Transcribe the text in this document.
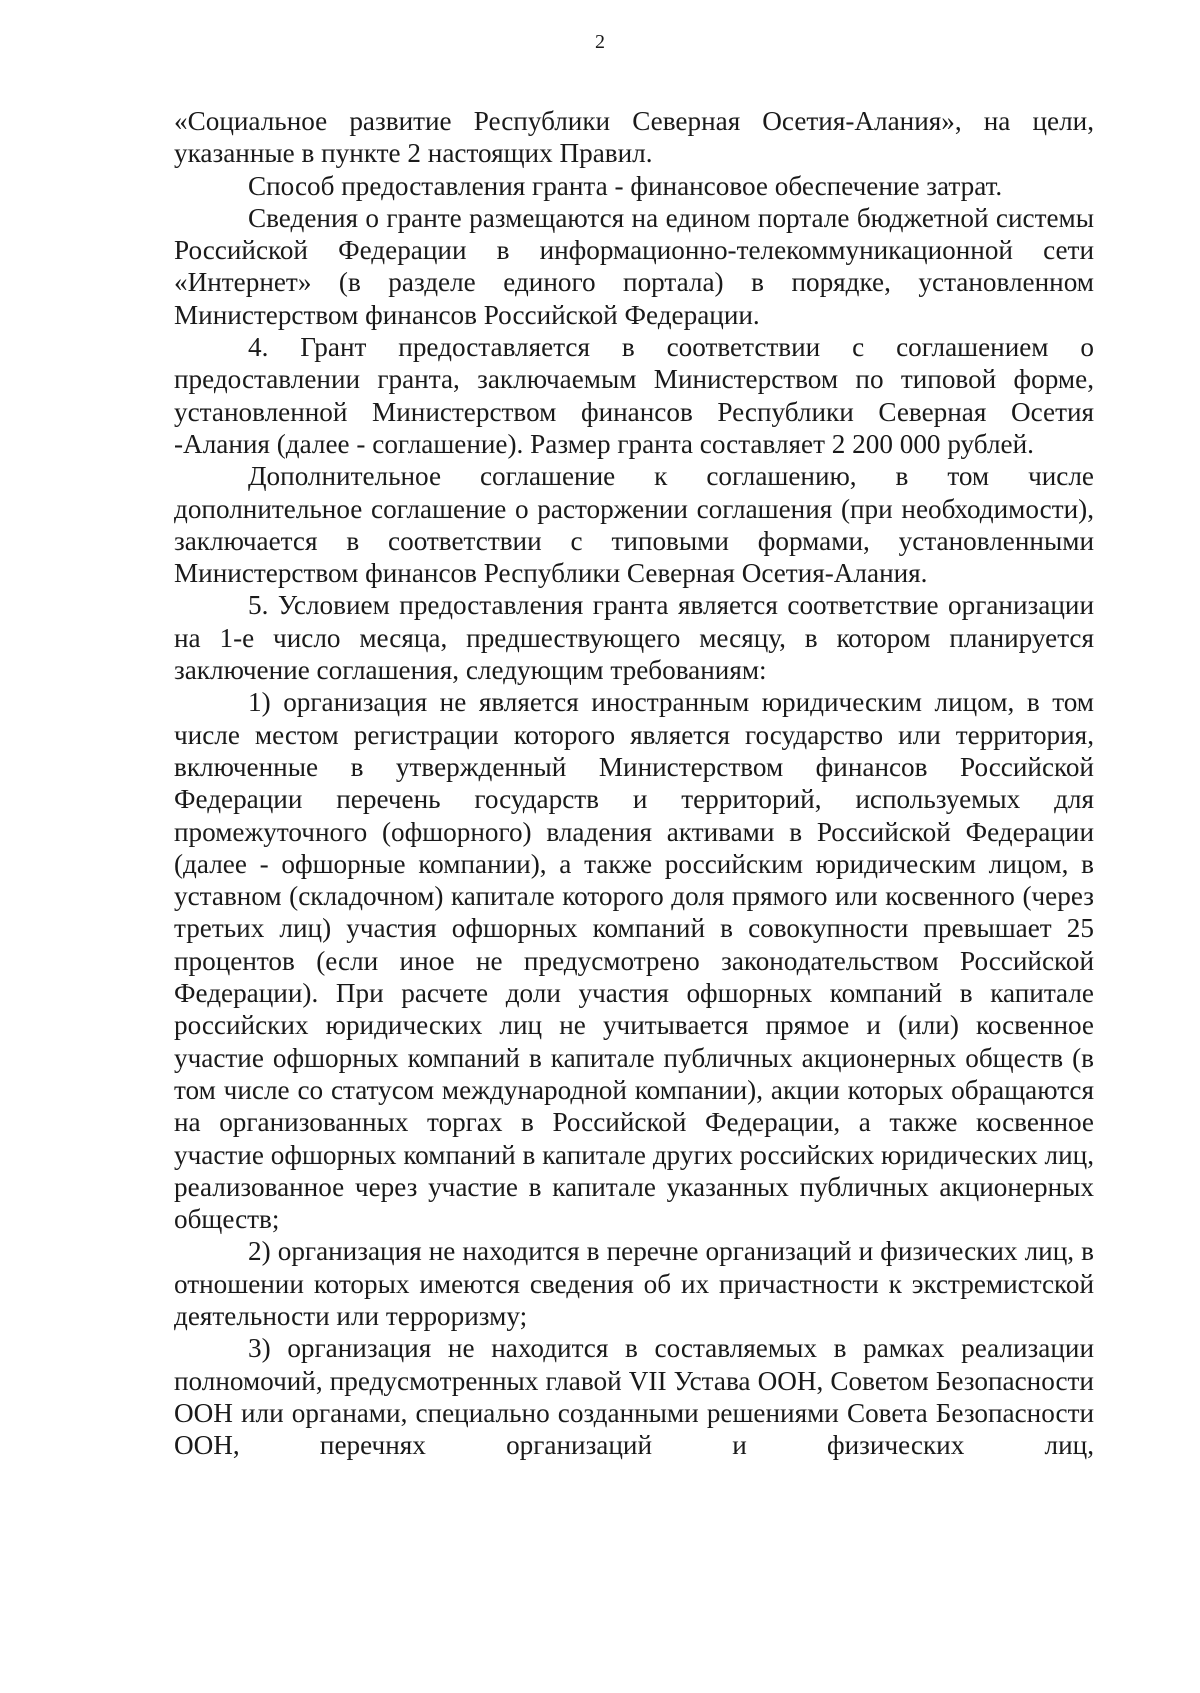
2

«Социальное развитие Республики Северная Осетия-Алания», на цели, указанные в пункте 2 настоящих Правил.

Способ предоставления гранта - финансовое обеспечение затрат.

Сведения о гранте размещаются на едином портале бюджетной системы Российской Федерации в информационно-телекоммуникационной сети «Интернет» (в разделе единого портала) в порядке, установленном Министерством финансов Российской Федерации.

4. Грант предоставляется в соответствии с соглашением о предоставлении гранта, заключаемым Министерством по типовой форме, установленной Министерством финансов Республики Северная Осетия -Алания (далее - соглашение). Размер гранта составляет 2 200 000 рублей.

Дополнительное соглашение к соглашению, в том числе дополнительное соглашение о расторжении соглашения (при необходимости), заключается в соответствии с типовыми формами, установленными Министерством финансов Республики Северная Осетия-Алания.

5. Условием предоставления гранта является соответствие организации на 1-е число месяца, предшествующего месяцу, в котором планируется заключение соглашения, следующим требованиям:

1) организация не является иностранным юридическим лицом, в том числе местом регистрации которого является государство или территория, включенные в утвержденный Министерством финансов Российской Федерации перечень государств и территорий, используемых для промежуточного (офшорного) владения активами в Российской Федерации (далее - офшорные компании), а также российским юридическим лицом, в уставном (складочном) капитале которого доля прямого или косвенного (через третьих лиц) участия офшорных компаний в совокупности превышает 25 процентов (если иное не предусмотрено законодательством Российской Федерации). При расчете доли участия офшорных компаний в капитале российских юридических лиц не учитывается прямое и (или) косвенное участие офшорных компаний в капитале публичных акционерных обществ (в том числе со статусом международной компании), акции которых обращаются на организованных торгах в Российской Федерации, а также косвенное участие офшорных компаний в капитале других российских юридических лиц, реализованное через участие в капитале указанных публичных акционерных обществ;

2) организация не находится в перечне организаций и физических лиц, в отношении которых имеются сведения об их причастности к экстремистской деятельности или терроризму;

3) организация не находится в составляемых в рамках реализации полномочий, предусмотренных главой VII Устава ООН, Советом Безопасности ООН или органами, специально созданными решениями Совета Безопасности ООН, перечнях организаций и физических лиц,
